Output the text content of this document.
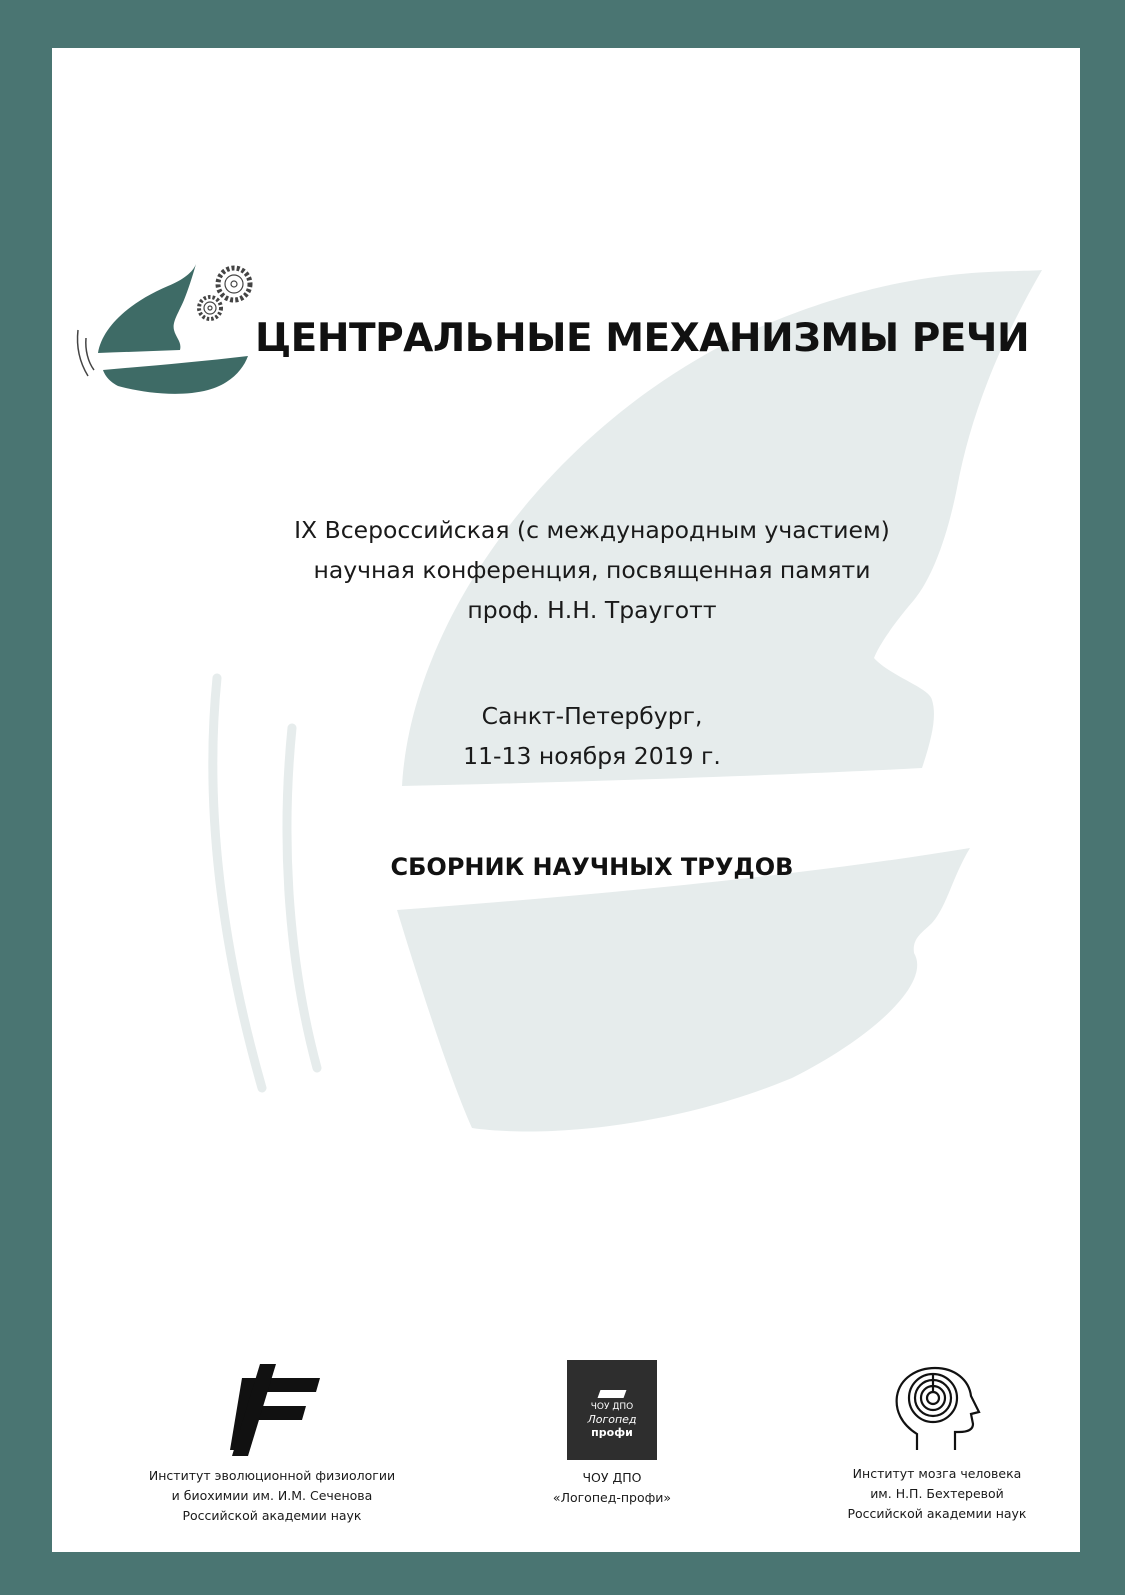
ЦЕНТРАЛЬНЫЕ МЕХАНИЗМЫ РЕЧИ
IX Всероссийская (с международным участием)
научная конференция, посвященная памяти
проф. Н.Н. Трауготт
Санкт-Петербург,
11-13 ноября 2019 г.
СБОРНИК НАУЧНЫХ ТРУДОВ
Институт эволюционной физиологии
и биохимии им. И.М. Сеченова
Российской академии наук
ЧОУ ДПО
Логопед
профи
ЧОУ ДПО
«Логопед-профи»
Институт мозга человека
им. Н.П. Бехтеревой
Российской академии наук
